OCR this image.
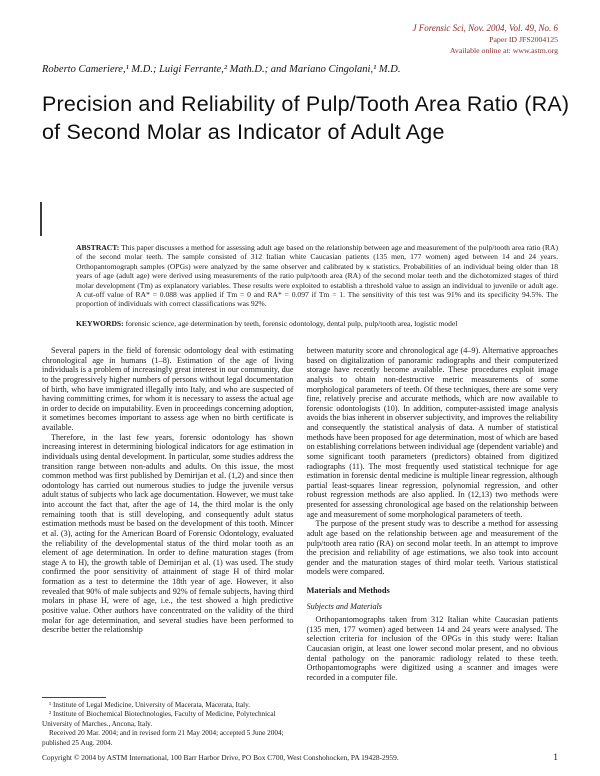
J Forensic Sci, Nov. 2004, Vol. 49, No. 6
Paper ID JFS2004125
Available online at: www.astm.org
Roberto Cameriere,¹ M.D.; Luigi Ferrante,² Math.D.; and Mariano Cingolani,¹ M.D.
Precision and Reliability of Pulp/Tooth Area Ratio (RA) of Second Molar as Indicator of Adult Age
ABSTRACT: This paper discusses a method for assessing adult age based on the relationship between age and measurement of the pulp/tooth area ratio (RA) of the second molar teeth. The sample consisted of 312 Italian white Caucasian patients (135 men, 177 women) aged between 14 and 24 years. Orthopantomograph samples (OPGs) were analyzed by the same observer and calibrated by κ statistics. Probabilities of an individual being older than 18 years of age (adult age) were derived using measurements of the ratio pulp/tooth area (RA) of the second molar teeth and the dichotomized stages of third molar development (Tm) as explanatory variables. These results were exploited to establish a threshold value to assign an individual to juvenile or adult age. A cut-off value of RA* = 0.088 was applied if Tm = 0 and RA* = 0.097 if Tm = 1. The sensitivity of this test was 91% and its specificity 94.5%. The proportion of individuals with correct classifications was 92%.
KEYWORDS: forensic science, age determination by teeth, forensic odontology, dental pulp, pulp/tooth area, logistic model

Several papers in the field of forensic odontology deal with estimating chronological age in humans (1–8). Estimation of the age of living individuals is a problem of increasingly great interest in our community, due to the progressively higher numbers of persons without legal documentation of birth, who have immigrated illegally into Italy, and who are suspected of having committing crimes, for whom it is necessary to assess the actual age in order to decide on imputability. Even in proceedings concerning adoption, it sometimes becomes important to assess age when no birth certificate is available.

Therefore, in the last few years, forensic odontology has shown increasing interest in determining biological indicators for age estimation in individuals using dental development. In particular, some studies address the transition range between non-adults and adults. On this issue, the most common method was first published by Demirijan et al. (1,2) and since then odontology has carried out numerous studies to judge the juvenile versus adult status of subjects who lack age documentation. However, we must take into account the fact that, after the age of 14, the third molar is the only remaining tooth that is still developing, and consequently adult status estimation methods must be based on the development of this tooth. Mincer et al. (3), acting for the American Board of Forensic Odontology, evaluated the reliability of the developmental status of the third molar tooth as an element of age determination. In order to define maturation stages (from stage A to H), the growth table of Demirijan et al. (1) was used. The study confirmed the poor sensitivity of attainment of stage H of third molar formation as a test to determine the 18th year of age. However, it also revealed that 90% of male subjects and 92% of female subjects, having third molars in phase H, were of age, i.e., the test showed a high predictive positive value. Other authors have concentrated on the validity of the third molar for age determination, and several studies have been performed to describe better the relationship

¹ Institute of Legal Medicine, University of Macerata, Macerata, Italy.
² Institute of Biochemical Biotechnologies, Faculty of Medicine, Polytechnical University of Marches., Ancona, Italy.
Received 20 Mar. 2004; and in revised form 21 May 2004; accepted 5 June 2004; published 25 Aug. 2004.

between maturity score and chronological age (4–9). Alternative approaches based on digitalization of panoramic radiographs and their computerized storage have recently become available. These procedures exploit image analysis to obtain non-destructive metric measurements of some morphological parameters of teeth. Of these techniques, there are some very fine, relatively precise and accurate methods, which are now available to forensic odontologists (10). In addition, computer-assisted image analysis avoids the bias inherent in observer subjectivity, and improves the reliability and consequently the statistical analysis of data. A number of statistical methods have been proposed for age determination, most of which are based on establishing correlations between individual age (dependent variable) and some significant tooth parameters (predictors) obtained from digitized radiographs (11). The most frequently used statistical technique for age estimation in forensic dental medicine is multiple linear regression, although partial least-squares linear regression, polynomial regression, and other robust regression methods are also applied. In (12,13) two methods were presented for assessing chronological age based on the relationship between age and measurement of some morphological parameters of teeth.

The purpose of the present study was to describe a method for assessing adult age based on the relationship between age and measurement of the pulp/tooth area ratio (RA) on second molar teeth. In an attempt to improve the precision and reliability of age estimations, we also took into account gender and the maturation stages of third molar teeth. Various statistical models were compared.

Materials and Methods
Subjects and Materials

Orthopantomographs taken from 312 Italian white Caucasian patients (135 men, 177 women) aged between 14 and 24 years were analysed. The selection criteria for inclusion of the OPGs in this study were: Italian Caucasian origin, at least one lower second molar present, and no obvious dental pathology on the panoramic radiology related to these teeth. Orthopantomographs were digitized using a scanner and images were recorded in a computer file.

Copyright © 2004 by ASTM International, 100 Barr Harbor Drive, PO Box C700, West Conshohocken, PA 19428-2959.	1
